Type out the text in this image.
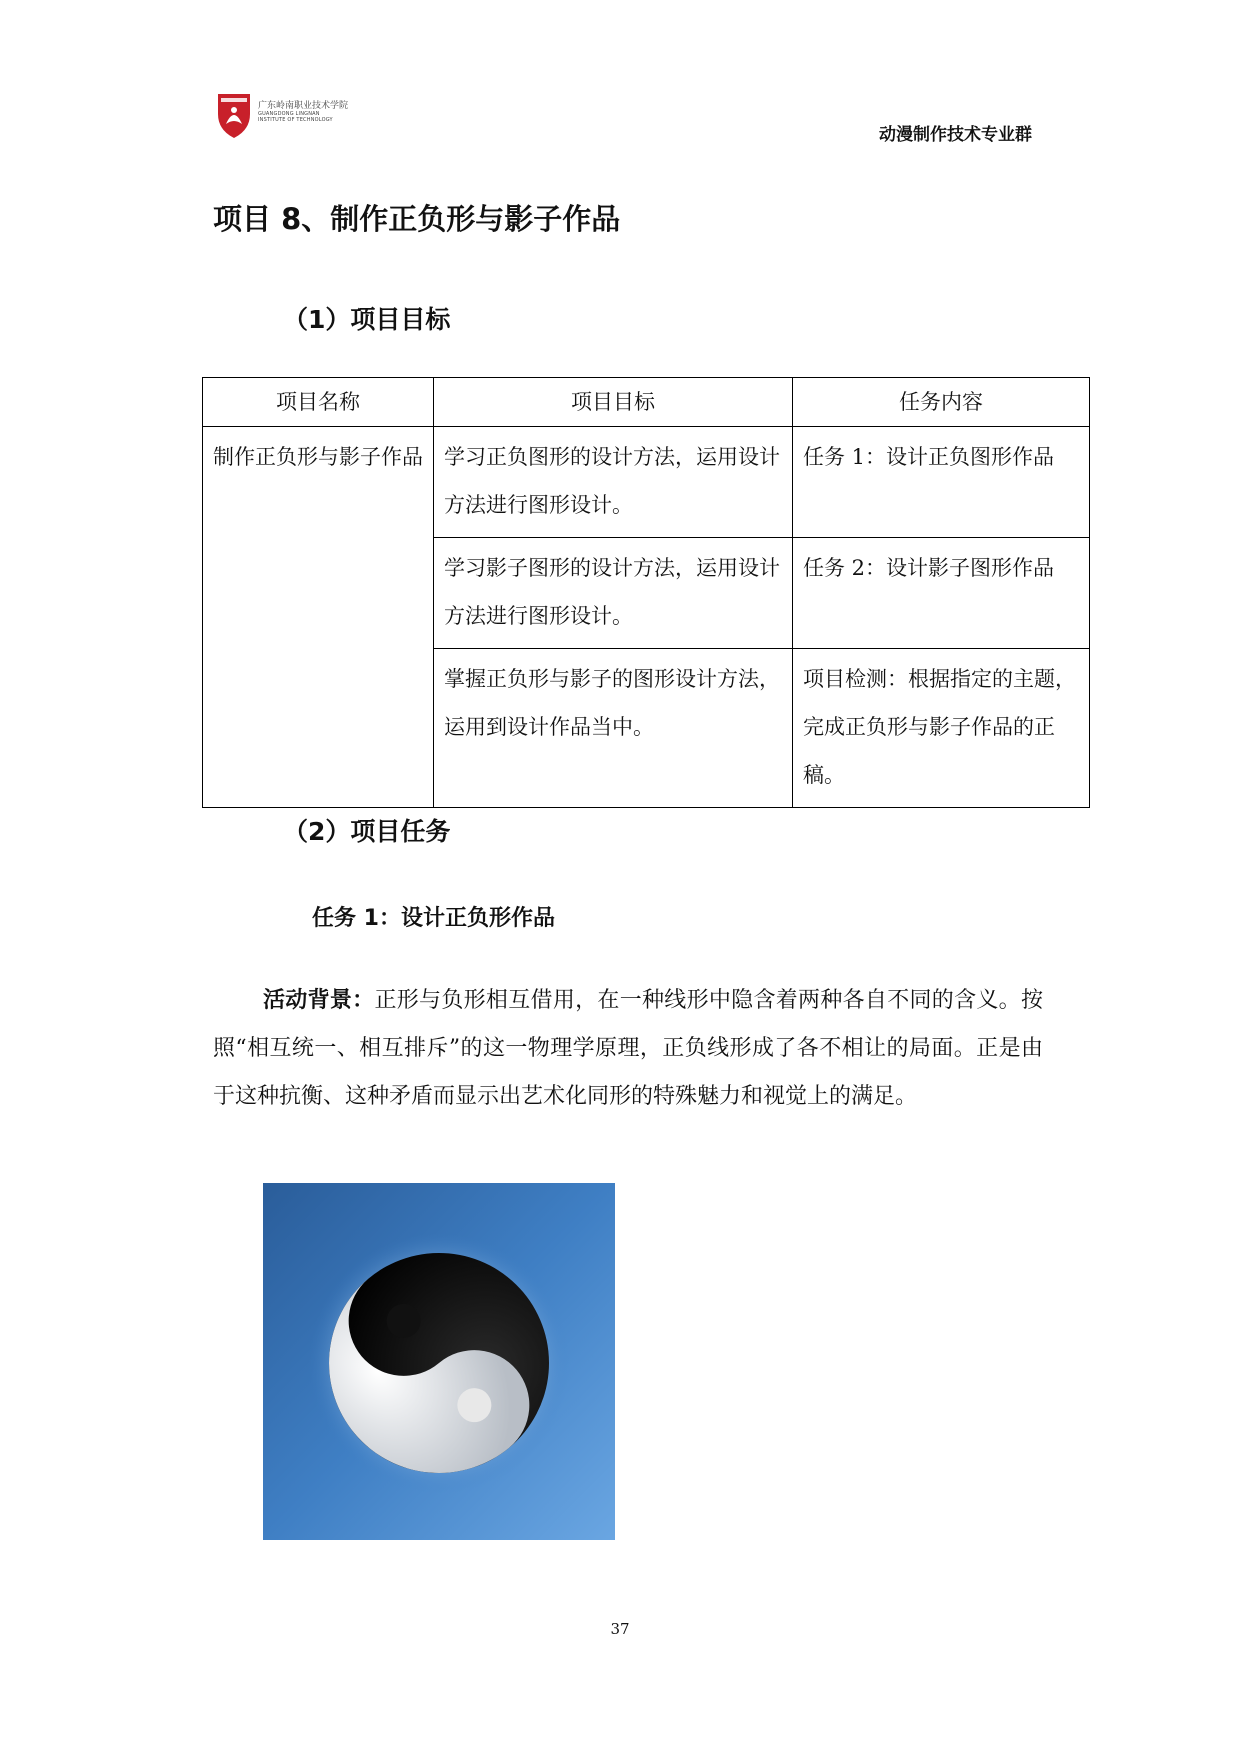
广东岭南职业技术学院
GUANGDONG LINGNAN
INSTITUTE OF TECHNOLOGY
动漫制作技术专业群
项目 8、制作正负形与影子作品
（1）项目目标
项目名称	项目目标	任务内容

制作正负形与影子作品	学习正负图形的设计方法，运用设计方法进行图形设计。	任务 1：设计正负图形作品

	学习影子图形的设计方法，运用设计方法进行图形设计。	任务 2：设计影子图形作品

	掌握正负形与影子的图形设计方法，运用到设计作品当中。	项目检测：根据指定的主题，完成正负形与影子作品的正稿。
（2）项目任务
任务 1：设计正负形作品
活动背景：正形与负形相互借用，在一种线形中隐含着两种各自不同的含义。按照“相互统一、相互排斥”的这一物理学原理，正负线形成了各不相让的局面。正是由于这种抗衡、这种矛盾而显示出艺术化同形的特殊魅力和视觉上的满足。
37
